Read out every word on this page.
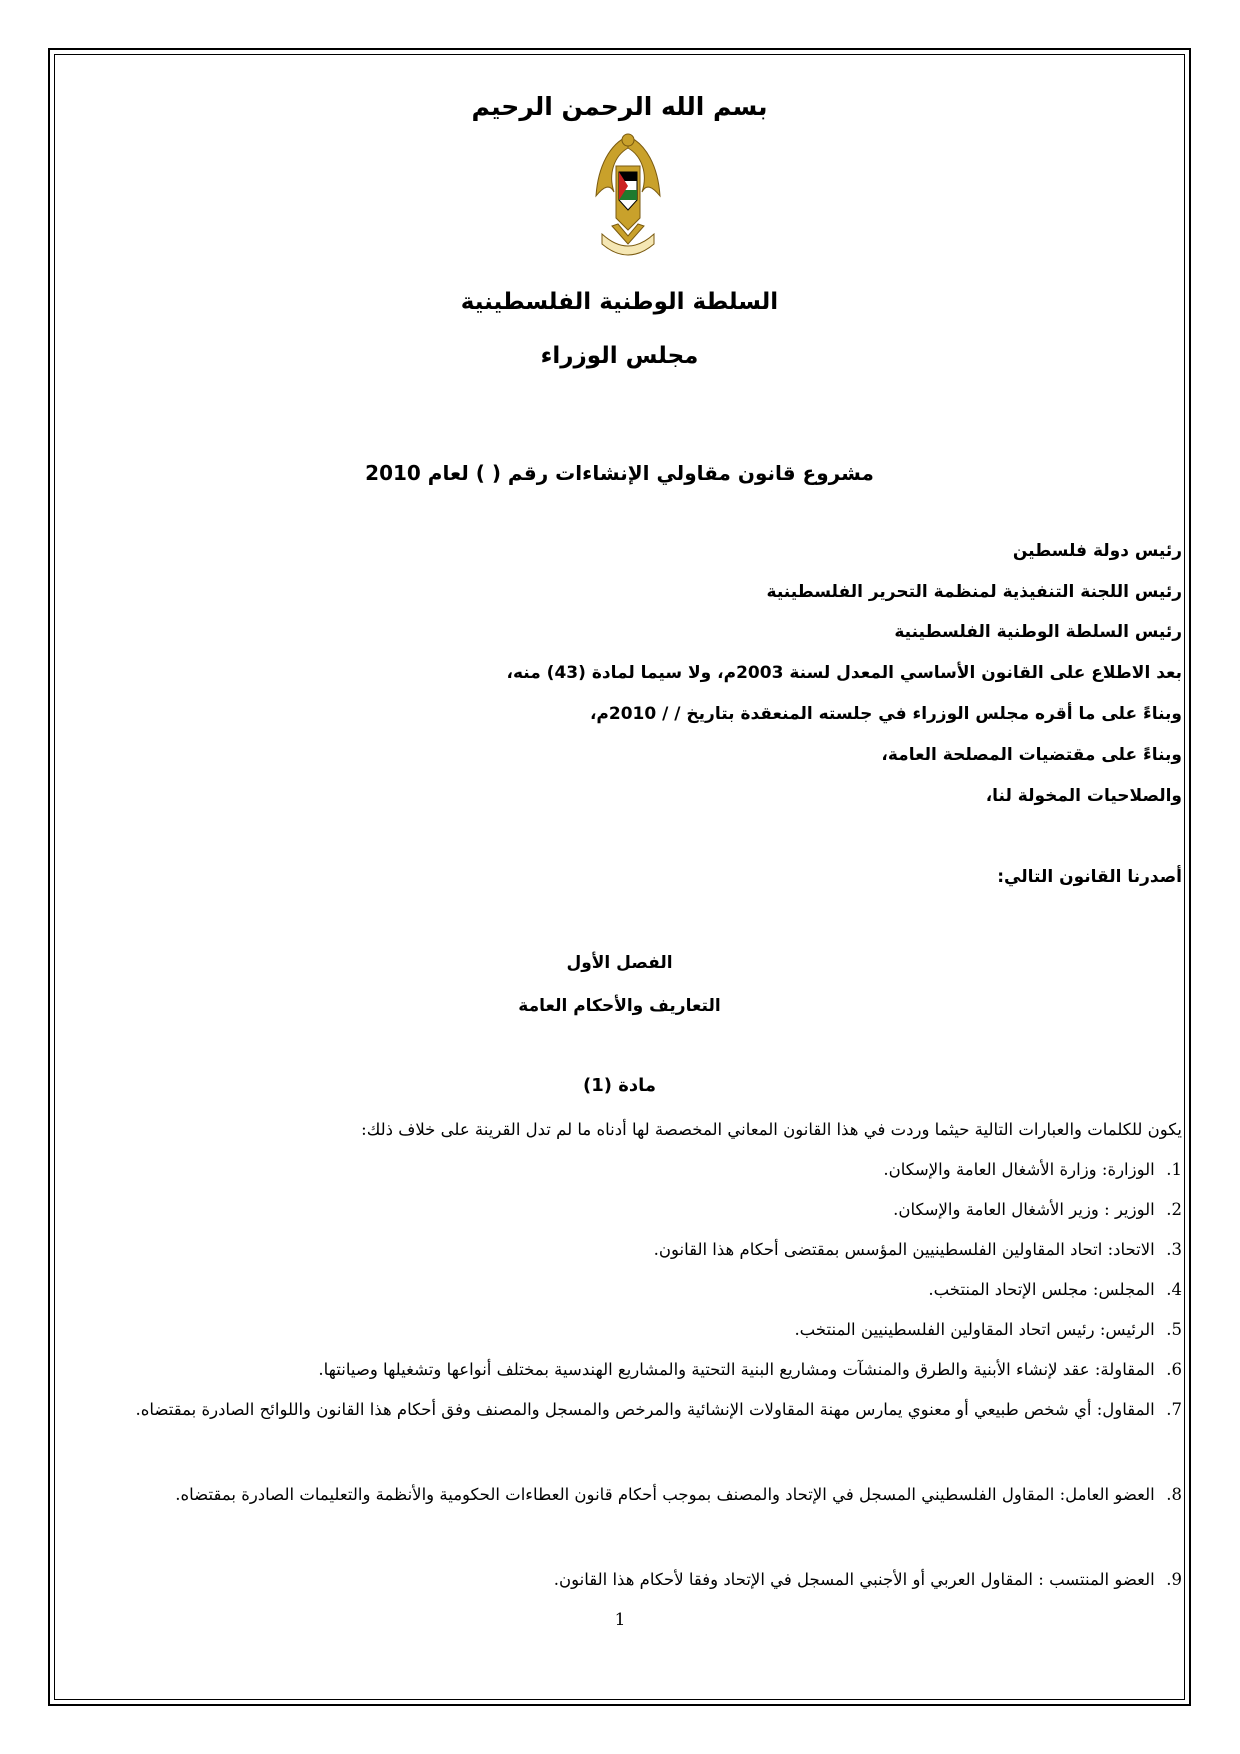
بسم الله الرحمن الرحيم
السلطة الوطنية الفلسطينية
مجلس الوزراء
مشروع قانون مقاولي الإنشاءات رقم ( ) لعام 2010
رئيس دولة فلسطين
رئيس اللجنة التنفيذية لمنظمة التحرير الفلسطينية
رئيس السلطة الوطنية الفلسطينية
بعد الاطلاع على القانون الأساسي المعدل لسنة 2003م، ولا سيما لمادة (43) منه،
وبناءً على ما أقره مجلس الوزراء في جلسته المنعقدة بتاريخ / / 2010م،
وبناءً على مقتضيات المصلحة العامة،
والصلاحيات المخولة لنا،
أصدرنا القانون التالي:
الفصل الأول
التعاريف والأحكام العامة
مادة (1)
يكون للكلمات والعبارات التالية حيثما وردت في هذا القانون المعاني المخصصة لها أدناه ما لم تدل القرينة على خلاف ذلك:
1. الوزارة: وزارة الأشغال العامة والإسكان.
2. الوزير : وزير الأشغال العامة والإسكان.
3. الاتحاد: اتحاد المقاولين الفلسطينيين المؤسس بمقتضى أحكام هذا القانون.
4. المجلس: مجلس الإتحاد المنتخب.
5. الرئيس: رئيس اتحاد المقاولين الفلسطينيين المنتخب.
6. المقاولة: عقد لإنشاء الأبنية والطرق والمنشآت ومشاريع البنية التحتية والمشاريع الهندسية بمختلف أنواعها وتشغيلها وصيانتها.
7. المقاول: أي شخص طبيعي أو معنوي يمارس مهنة المقاولات الإنشائية والمرخص والمسجل والمصنف وفق أحكام هذا القانون واللوائح الصادرة بمقتضاه.
8. العضو العامل: المقاول الفلسطيني المسجل في الإتحاد والمصنف بموجب أحكام قانون العطاءات الحكومية والأنظمة والتعليمات الصادرة بمقتضاه.
9. العضو المنتسب : المقاول العربي أو الأجنبي المسجل في الإتحاد وفقا لأحكام هذا القانون.
1
